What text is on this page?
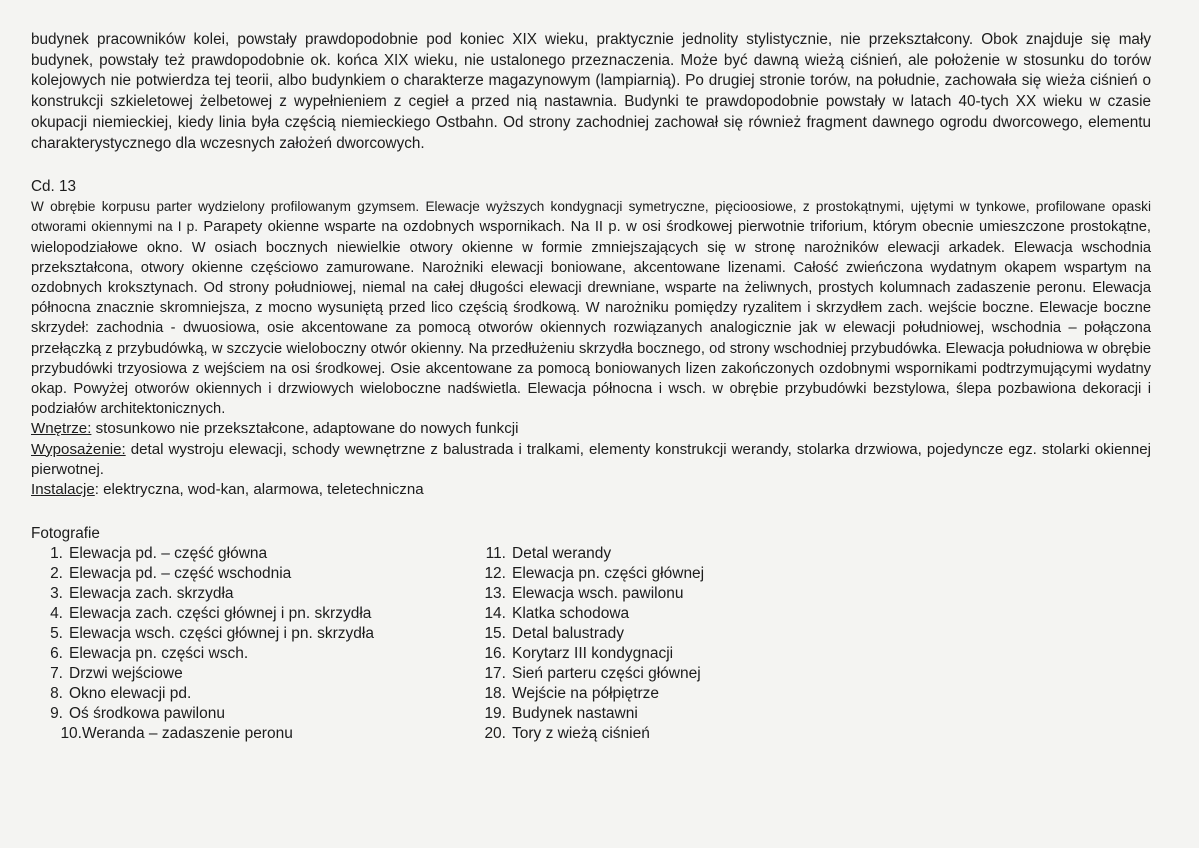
budynek pracowników kolei, powstały prawdopodobnie pod koniec XIX wieku, praktycznie jednolity stylistycznie, nie przekształcony. Obok znajduje się mały budynek, powstały też prawdopodobnie ok. końca XIX wieku, nie ustalonego przeznaczenia. Może być dawną wieżą ciśnień, ale położenie w stosunku do torów kolejowych nie potwierdza tej teorii, albo budynkiem o charakterze magazynowym (lampiarnią). Po drugiej stronie torów, na południe, zachowała się wieża ciśnień o konstrukcji szkieletowej żelbetowej z wypełnieniem z cegieł a przed nią nastawnia. Budynki te prawdopodobnie powstały w latach 40-tych XX wieku w czasie okupacji niemieckiej, kiedy linia była częścią niemieckiego Ostbahn. Od strony zachodniej zachował się również fragment dawnego ogrodu dworcowego, elementu charakterystycznego dla wczesnych założeń dworcowych.

Cd. 13

W obrębie korpusu parter wydzielony profilowanym gzymsem. Elewacje wyższych kondygnacji symetryczne, pięcioosiowe, z prostokątnymi, ujętymi w tynkowe, profilowane opaski otworami okiennymi na I p. Parapety okienne wsparte na ozdobnych wspornikach. Na II p. w osi środkowej pierwotnie triforium, którym obecnie umieszczone prostokątne, wielopodziałowe okno. W osiach bocznych niewielkie otwory okienne w formie zmniejszających się w stronę narożników elewacji arkadek. Elewacja wschodnia przekształcona, otwory okienne częściowo zamurowane. Narożniki elewacji boniowane, akcentowane lizenami. Całość zwieńczona wydatnym okapem wspartym na ozdobnych kroksztynach. Od strony południowej, niemal na całej długości elewacji drewniane, wsparte na żeliwnych, prostych kolumnach zadaszenie peronu. Elewacja północna znacznie skromniejsza, z mocno wysuniętą przed lico częścią środkową. W narożniku pomiędzy ryzalitem i skrzydłem zach. wejście boczne. Elewacje boczne skrzydeł: zachodnia - dwuosiowa, osie akcentowane za pomocą otworów okiennych rozwiązanych analogicznie jak w elewacji południowej, wschodnia – połączona przełączką z przybudówką, w szczycie wieloboczny otwór okienny. Na przedłużeniu skrzydła bocznego, od strony wschodniej przybudówka. Elewacja południowa w obrębie przybudówki trzyosiowa z wejściem na osi środkowej. Osie akcentowane za pomocą boniowanych lizen zakończonych ozdobnymi wspornikami podtrzymującymi wydatny okap. Powyżej otworów okiennych i drzwiowych wieloboczne nadświetla. Elewacja północna i wsch. w obrębie przybudówki bezstylowa, ślepa pozbawiona dekoracji i podziałów architektonicznych.

Wnętrze: stosunkowo nie przekształcone, adaptowane do nowych funkcji
Wyposażenie: detal wystroju elewacji, schody wewnętrzne z balustrada i tralkami, elementy konstrukcji werandy, stolarka drzwiowa, pojedyncze egz. stolarki okiennej pierwotnej.
Instalacje: elektryczna, wod-kan, alarmowa, teletechniczna
Fotografie
1. Elewacja pd. – część główna
2. Elewacja pd. – część wschodnia
3. Elewacja zach. skrzydła
4. Elewacja zach. części głównej i pn. skrzydła
5. Elewacja wsch. części głównej i pn. skrzydła
6. Elewacja pn. części wsch.
7. Drzwi wejściowe
8. Okno elewacji pd.
9. Oś środkowa pawilonu
10. Weranda – zadaszenie peronu
11. Detal werandy
12. Elewacja pn. części głównej
13. Elewacja wsch. pawilonu
14. Klatka schodowa
15. Detal balustrady
16. Korytarz III kondygnacji
17. Sień parteru części głównej
18. Wejście na półpiętrze
19. Budynek nastawni
20. Tory z wieżą ciśnień
